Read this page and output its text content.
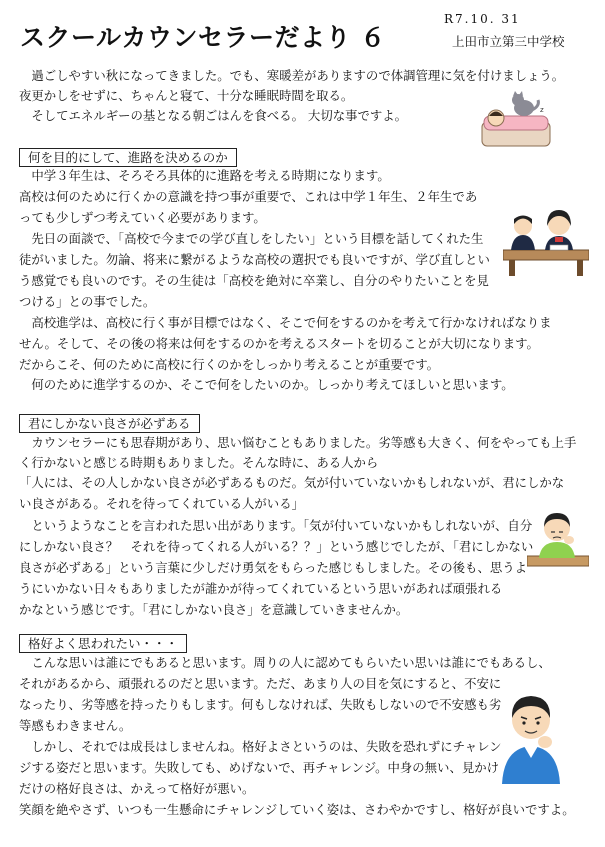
スクールカウンセラーだより ６
R7.10. 31
上田市立第三中学校
　過ごしやすい秋になってきました。でも、寒暖差がありますので体調管理に気を付けましょう。
夜更かしをせずに、ちゃんと寝て、十分な睡眠時間を取る。
　そしてエネルギーの基となる朝ごはんを食べる。 大切な事ですよ。
何を目的にして、進路を決めるのか
　中学３年生は、そろそろ具体的に進路を考える時期になります。
高校は何のために行くかの意識を持つ事が重要で、これは中学１年生、２年生であ
っても少しずつ考えていく必要があります。
　先日の面談で、「高校で今までの学び直しをしたい」という目標を話してくれた生
徒がいました。勿論、将来に繋がるような高校の選択でも良いですが、学び直しとい
う感覚でも良いのです。その生徒は「高校を絶対に卒業し、自分のやりたいことを見
つける」との事でした。
　高校進学は、高校に行く事が目標ではなく、そこで何をするのかを考えて行かなければなりま
せん。そして、その後の将来は何をするのかを考えるスタートを切ることが大切になります。
だからこそ、何のために高校に行くのかをしっかり考えることが重要です。
　何のために進学するのか、そこで何をしたいのか。しっかり考えてほしいと思います。
君にしかない良さが必ずある
　カウンセラーにも思春期があり、思い悩むこともありました。劣等感も大きく、何をやっても上手
く行かないと感じる時期もありました。そんな時に、ある人から
「人には、その人しかない良さが必ずあるものだ。気が付いていないかもしれないが、君にしかな
い良さがある。それを待ってくれている人がいる」
　というようなことを言われた思い出があります。「気が付いていないかもしれないが、自分
にしかない良さ？　それを待ってくれる人がいる？？」という感じでしたが、「君にしかない
良さが必ずある」という言葉に少しだけ勇気をもらった感じもしました。その後も、思うよ
うにいかない日々もありましたが誰かが待ってくれているという思いがあれば頑張れる
かなという感じです。「君にしかない良さ」を意識していきませんか。
格好よく思われたい・・・
　こんな思いは誰にでもあると思います。周りの人に認めてもらいたい思いは誰にでもあるし、
それがあるから、頑張れるのだと思います。ただ、あまり人の目を気にすると、不安に
なったり、劣等感を持ったりもします。何もしなければ、失敗もしないので不安感も劣
等感もわきません。
　しかし、それでは成長はしませんね。格好よさというのは、失敗を恐れずにチャレン
ジする姿だと思います。失敗しても、めげないで、再チャレンジ。中身の無い、見かけ
だけの格好良さは、かえって格好が悪い。
笑顔を絶やさず、いつも一生懸命にチャレンジしていく姿は、さわやかですし、格好が良いですよ。
z
